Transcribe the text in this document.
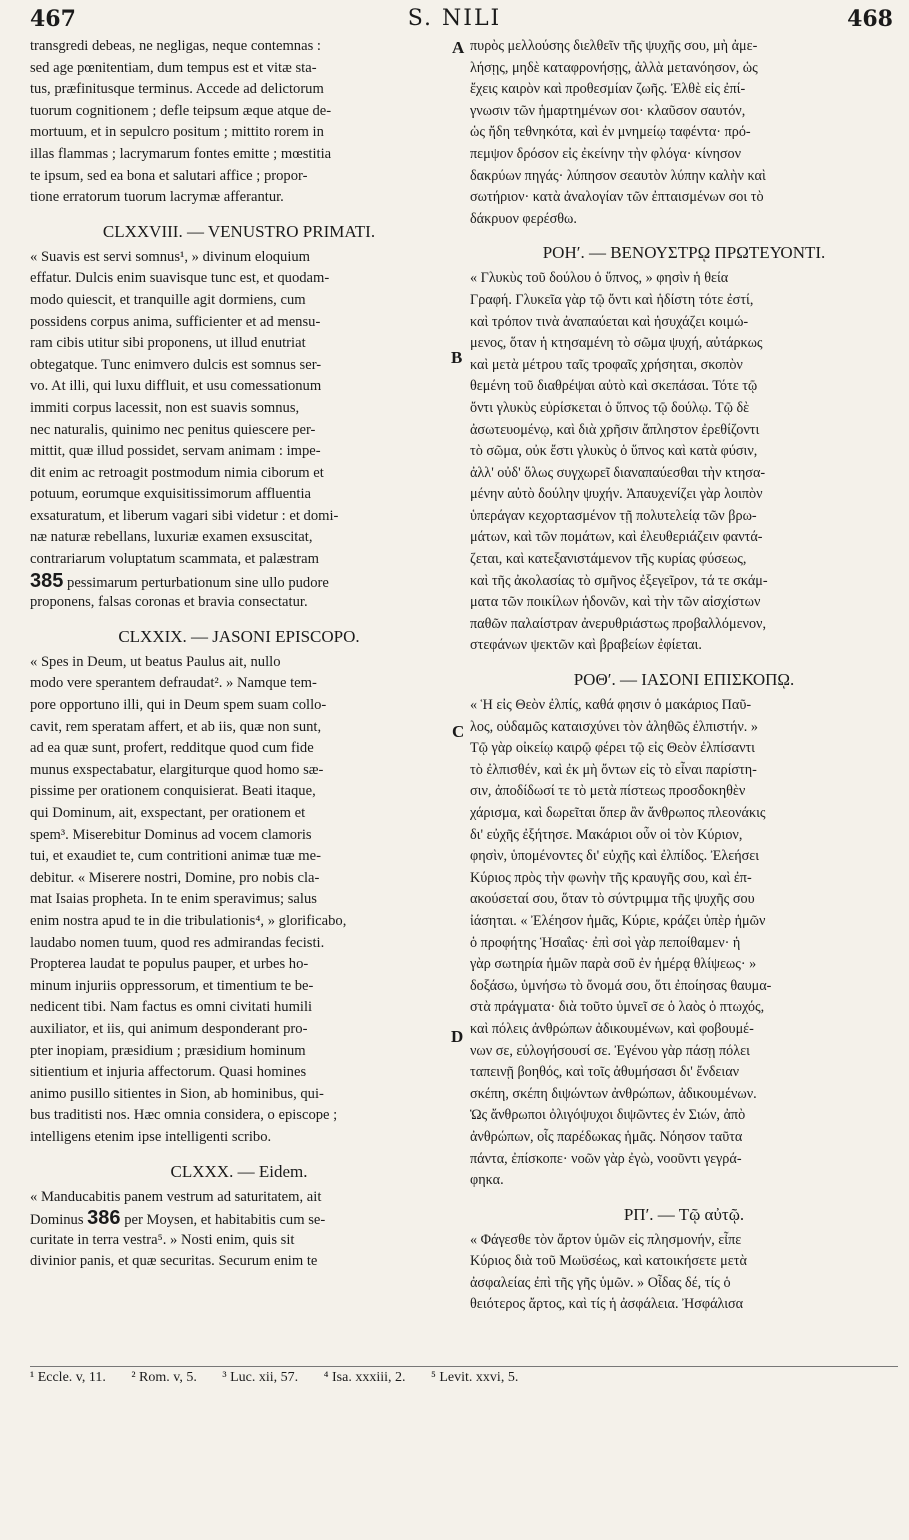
467	S. NILI	468
A
B
C
D
transgredi debeas, ne negligas, neque contemnas :
sed age pœnitentiam, dum tempus est et vitæ sta-
tus, præfinitusque terminus. Accede ad delictorum
tuorum cognitionem ; defle teipsum æque atque de-
mortuum, et in sepulcro positum ; mittito rorem in
illas flammas ; lacrymarum fontes emitte ; mœstitia
te ipsum, sed ea bona et salutari affice ; propor-
tione erratorum tuorum lacrymæ afferantur.
CLXXVIII. — VENUSTRO PRIMATI.
« Suavis est servi somnus¹, » divinum eloquium
effatur. Dulcis enim suavisque tunc est, et quodam-
modo quiescit, et tranquille agit dormiens, cum
possidens corpus anima, sufficienter et ad mensu-
ram cibis utitur sibi proponens, ut illud enutriat
obtegatque. Tunc enimvero dulcis est somnus ser-
vo. At illi, qui luxu diffluit, et usu comessationum
immiti corpus lacessit, non est suavis somnus,
nec naturalis, quinimo nec penitus quiescere per-
mittit, quæ illud possidet, servam animam : impe-
dit enim ac retroagit postmodum nimia ciborum et
potuum, eorumque exquisitissimorum affluentia
exsaturatum, et liberum vagari sibi videtur : et domi-
næ naturæ rebellans, luxuriæ examen exsuscitat,
contrariarum voluptatum scammata, et palæstram
385 pessimarum perturbationum sine ullo pudore
proponens, falsas coronas et bravia consectatur.
CLXXIX. — JASONI EPISCOPO.
« Spes in Deum, ut beatus Paulus ait, nullo
modo vere sperantem defraudat². » Namque tem-
pore opportuno illi, qui in Deum spem suam collo-
cavit, rem speratam affert, et ab iis, quæ non sunt,
ad ea quæ sunt, profert, redditque quod cum fide
munus exspectabatur, elargiturque quod homo sæ-
pissime per orationem conquisierat. Beati itaque,
qui Dominum, ait, exspectant, per orationem et
spem³. Miserebitur Dominus ad vocem clamoris
tui, et exaudiet te, cum contritioni animæ tuæ me-
debitur. « Miserere nostri, Domine, pro nobis cla-
mat Isaias propheta. In te enim speravimus; salus
enim nostra apud te in die tribulationis⁴, » glorificabo,
laudabo nomen tuum, quod res admirandas fecisti.
Propterea laudat te populus pauper, et urbes ho-
minum injuriis oppressorum, et timentium te be-
nedicent tibi. Nam factus es omni civitati humili
auxiliator, et iis, qui animum desponderant pro-
pter inopiam, præsidium ; præsidium hominum
sitientium et injuria affectorum. Quasi homines
animo pusillo sitientes in Sion, ab hominibus, qui-
bus traditisti nos. Hæc omnia considera, o episcope ;
intelligens etenim ipse intelligenti scribo.
CLXXX. — Eidem.
« Manducabitis panem vestrum ad saturitatem, ait
Dominus 386 per Moysen, et habitabitis cum se-
curitate in terra vestra⁵. » Nosti enim, quis sit
divinior panis, et quæ securitas. Securum enim te
πυρὸς μελλούσης διελθεῖν τῆς ψυχῆς σου, μὴ ἀμε-
λήσῃς, μηδὲ καταφρονήσῃς, ἀλλὰ μετανόησον, ὡς
ἔχεις καιρὸν καὶ προθεσμίαν ζωῆς. Ἐλθὲ εἰς ἐπί-
γνωσιν τῶν ἡμαρτημένων σοι· κλαῦσον σαυτόν,
ὡς ἤδη τεθνηκότα, καὶ ἐν μνημείῳ ταφέντα· πρό-
πεμψον δρόσον εἰς ἐκείνην τὴν φλόγα· κίνησον
δακρύων πηγάς· λύπησον σεαυτὸν λύπην καλὴν καὶ
σωτήριον· κατὰ ἀναλογίαν τῶν ἐπταισμένων σοι τὸ
δάκρυον φερέσθω.
ΡΟΗʹ. — ΒΕΝΟΥΣΤΡῼ ΠΡΩΤΕΥΟΝΤΙ.
« Γλυκὺς τοῦ δούλου ὁ ὕπνος, » φησὶν ἡ θεία
Γραφή. Γλυκεῖα γὰρ τῷ ὄντι καὶ ἡδίστη τότε ἐστί,
καὶ τρόπον τινὰ ἀναπαύεται καὶ ἡσυχάζει κοιμώ-
μενος, ὅταν ἡ κτησαμένη τὸ σῶμα ψυχή, αὐτάρκως
καὶ μετὰ μέτρου ταῖς τροφαῖς χρήσηται, σκοπὸν
θεμένη τοῦ διαθρέψαι αὐτὸ καὶ σκεπάσαι. Τότε τῷ
ὄντι γλυκὺς εὑρίσκεται ὁ ὕπνος τῷ δούλῳ. Τῷ δὲ
ἀσωτευομένῳ, καὶ διὰ χρῆσιν ἄπληστον ἐρεθίζοντι
τὸ σῶμα, οὐκ ἔστι γλυκὺς ὁ ὕπνος καὶ κατὰ φύσιν,
ἀλλ' οὐδ' ὅλως συγχωρεῖ διαναπαύεσθαι τὴν κτησα-
μένην αὐτὸ δούλην ψυχήν. Ἀπαυχενίζει γὰρ λοιπὸν
ὑπεράγαν κεχορτασμένον τῇ πολυτελείᾳ τῶν βρω-
μάτων, καὶ τῶν πομάτων, καὶ ἐλευθεριάζειν φαντά-
ζεται, καὶ κατεξανιστάμενον τῆς κυρίας φύσεως,
καὶ τῆς ἀκολασίας τὸ σμῆνος ἐξεγεῖρον, τά τε σκάμ-
ματα τῶν ποικίλων ἡδονῶν, καὶ τὴν τῶν αἰσχίστων
παθῶν παλαίστραν ἀνερυθριάστως προβαλλόμενον,
στεφάνων ψεκτῶν καὶ βραβείων ἐφίεται.
ΡΟΘʹ. — ΙΑΣΟΝΙ ΕΠΙΣΚΟΠῼ.
« Ἡ εἰς Θεὸν ἐλπίς, καθά φησιν ὁ μακάριος Παῦ-
λος, οὐδαμῶς καταισχύνει τὸν ἀληθῶς ἐλπιστήν. »
Τῷ γὰρ οἰκείῳ καιρῷ φέρει τῷ εἰς Θεὸν ἐλπίσαντι
τὸ ἐλπισθέν, καὶ ἐκ μὴ ὄντων εἰς τὸ εἶναι παρίστη-
σιν, ἀποδίδωσί τε τὸ μετὰ πίστεως προσδοκηθὲν
χάρισμα, καὶ δωρεῖται ὅπερ ἂν ἄνθρωπος πλεονάκις
δι' εὐχῆς ἐξήτησε. Μακάριοι οὖν οἱ τὸν Κύριον,
φησὶν, ὑπομένοντες δι' εὐχῆς καὶ ἐλπίδος. Ἐλεήσει
Κύριος πρὸς τὴν φωνὴν τῆς κραυγῆς σου, καὶ ἐπ-
ακούσεταί σου, ὅταν τὸ σύντριμμα τῆς ψυχῆς σου
ἰάσηται. « Ἐλέησον ἡμᾶς, Κύριε, κράζει ὑπὲρ ἡμῶν
ὁ προφήτης Ἡσαΐας· ἐπὶ σοὶ γὰρ πεποίθαμεν· ἡ
γὰρ σωτηρία ἡμῶν παρὰ σοῦ ἐν ἡμέρᾳ θλίψεως· »
δοξάσω, ὑμνήσω τὸ ὄνομά σου, ὅτι ἐποίησας θαυμα-
στὰ πράγματα· διὰ τοῦτο ὑμνεῖ σε ὁ λαὸς ὁ πτωχός,
καὶ πόλεις ἀνθρώπων ἀδικουμένων, καὶ φοβουμέ-
νων σε, εὐλογήσουσί σε. Ἐγένου γὰρ πάσῃ πόλει
ταπεινῇ βοηθός, καὶ τοῖς ἀθυμήσασι δι' ἔνδειαν
σκέπη, σκέπη διψώντων ἀνθρώπων, ἀδικουμένων.
Ὡς ἄνθρωποι ὀλιγόψυχοι διψῶντες ἐν Σιών, ἀπὸ
ἀνθρώπων, οἷς παρέδωκας ἡμᾶς. Νόησον ταῦτα
πάντα, ἐπίσκοπε· νοῶν γὰρ ἐγὼ, νοοῦντι γεγρά-
φηκα.
ΡΠʹ. — Τῷ αὐτῷ.
« Φάγεσθε τὸν ἄρτον ὑμῶν εἰς πλησμονήν, εἶπε
Κύριος διὰ τοῦ Μωϋσέως, καὶ κατοικήσετε μετὰ
ἀσφαλείας ἐπὶ τῆς γῆς ὑμῶν. » Οἶδας δέ, τίς ὁ
θειότερος ἄρτος, καὶ τίς ἡ ἀσφάλεια. Ἠσφάλισα
¹ Eccle. v, 11. ² Rom. v, 5. ³ Luc. xii, 57. ⁴ Isa. xxxiii, 2. ⁵ Levit. xxvi, 5.
